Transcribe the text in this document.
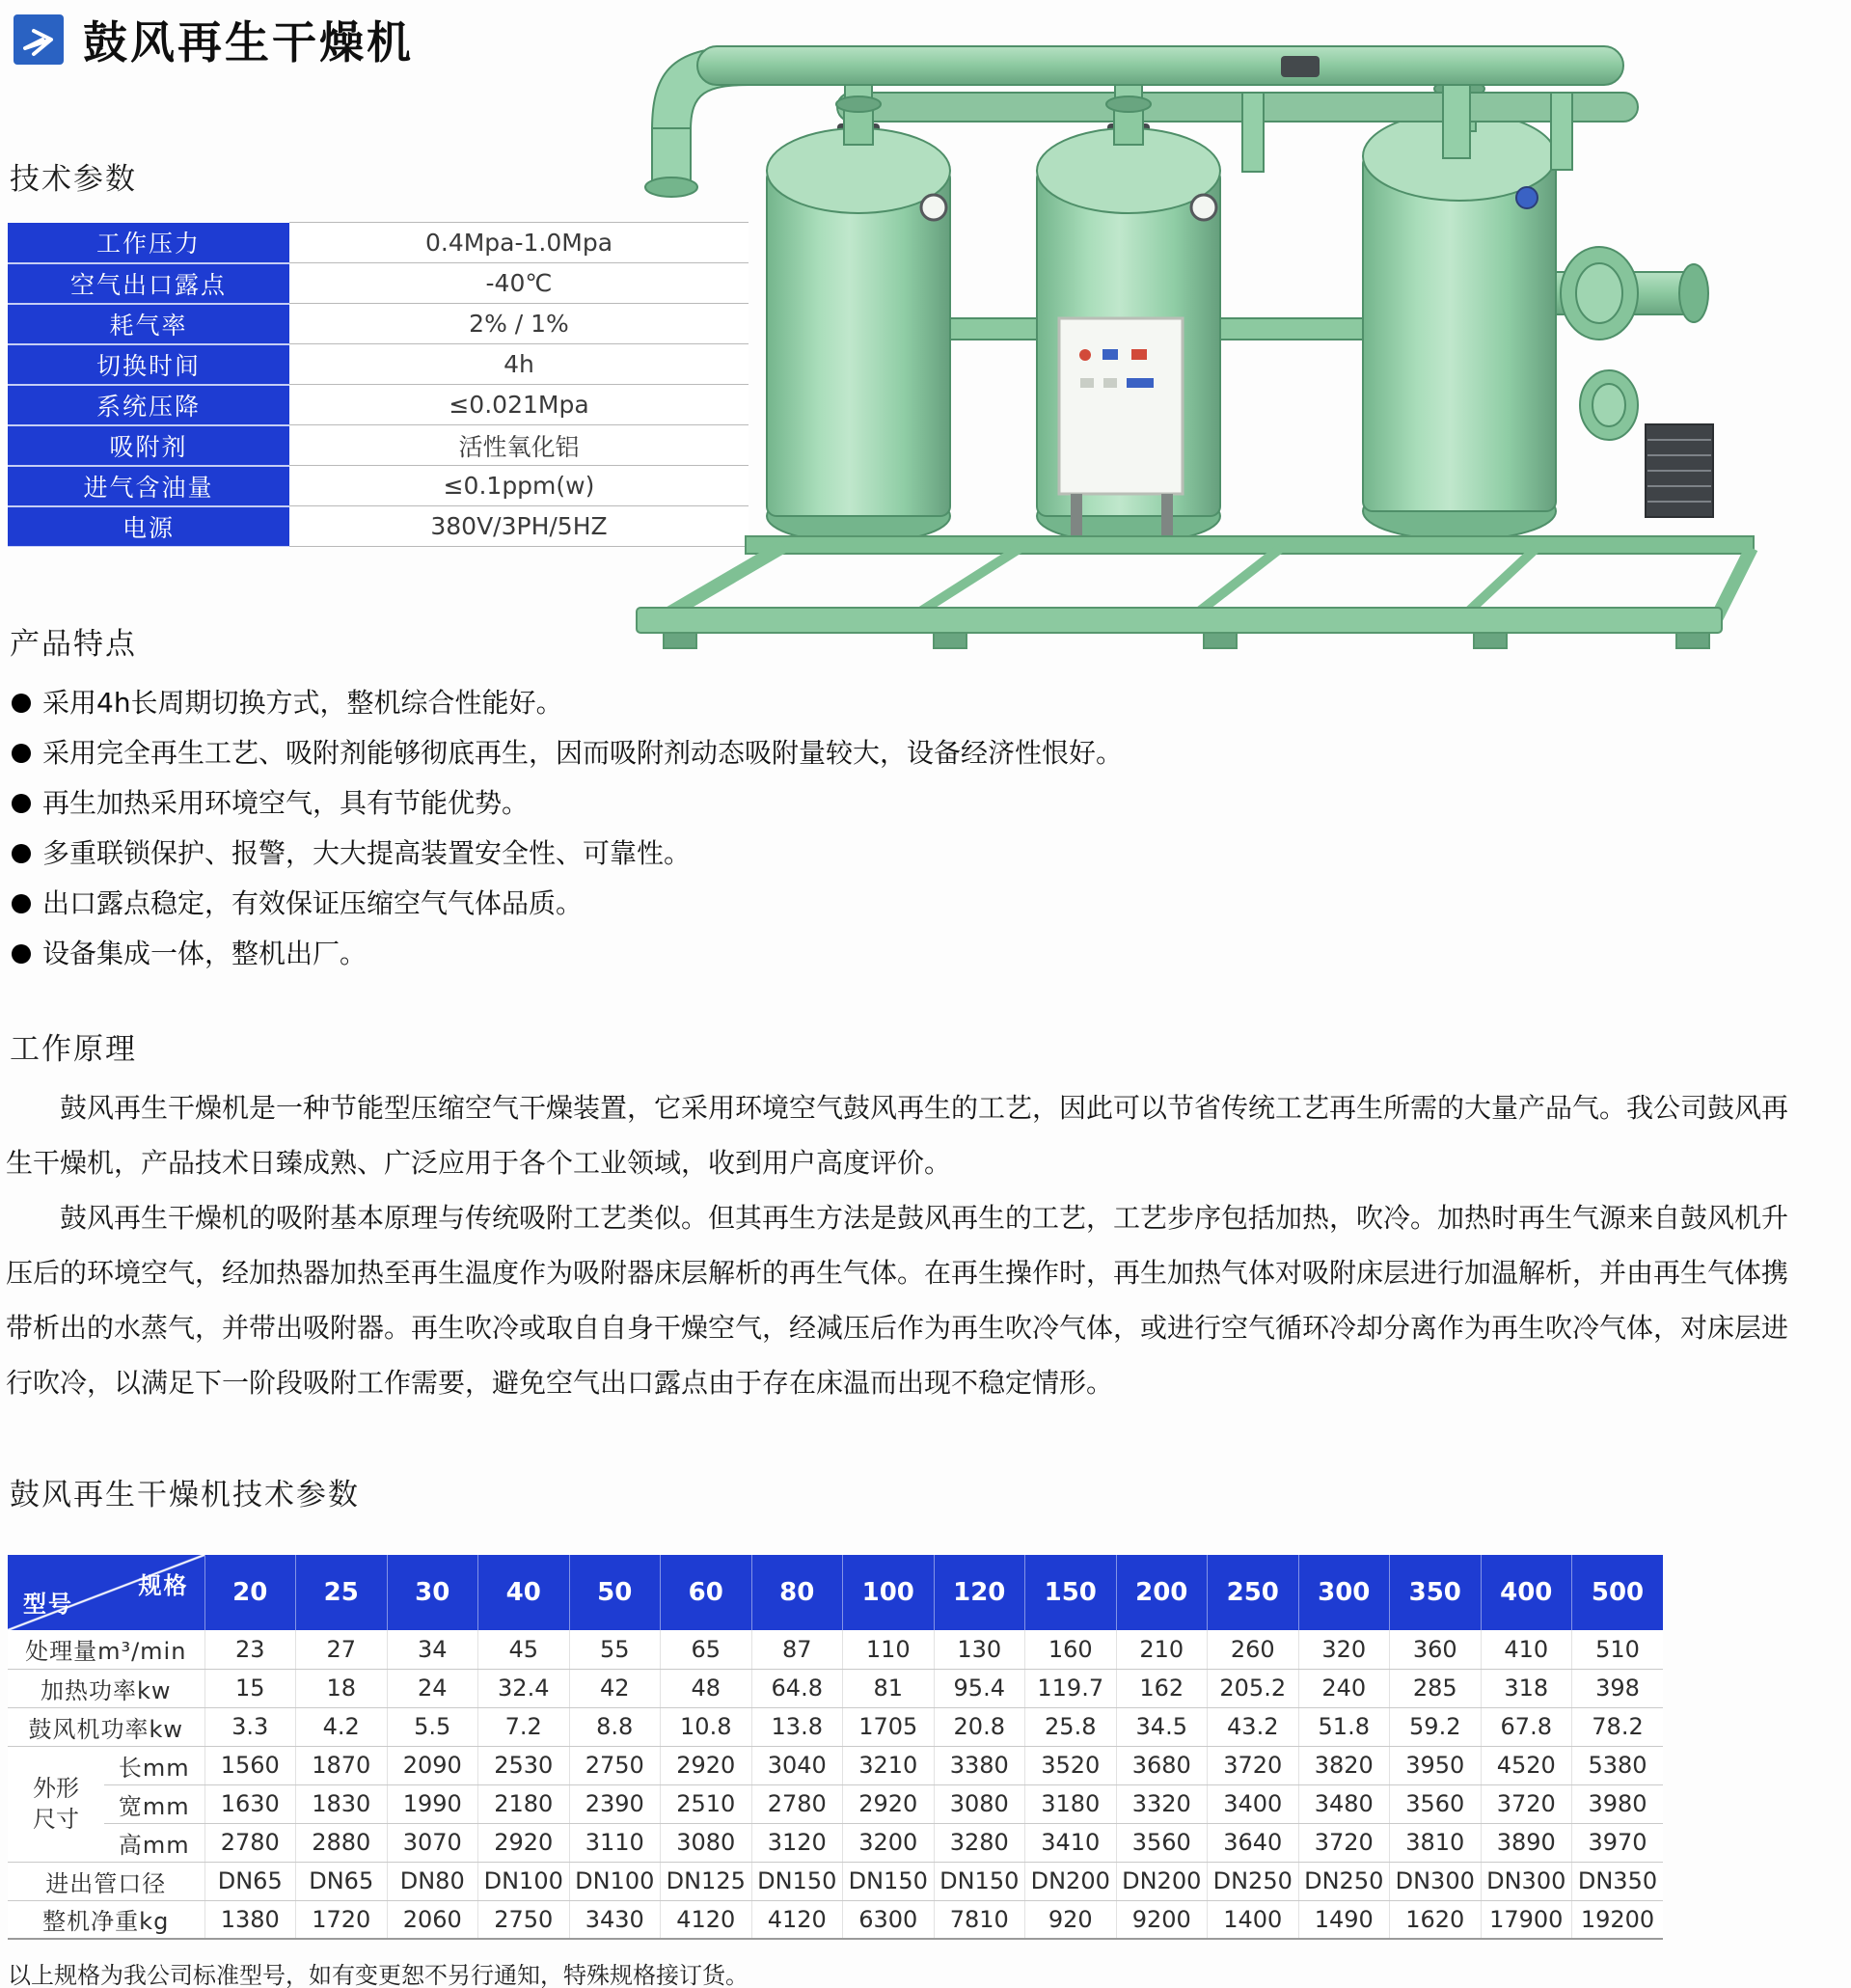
鼓风再生干燥机
技术参数
工作压力	0.4Mpa-1.0Mpa
空气出口露点	-40℃
耗气率	2% / 1%
切换时间	4h
系统压降	≤0.021Mpa
吸附剂	活性氧化铝
进气含油量	≤0.1ppm(w)
电源	380V/3PH/5HZ
产品特点
采用4h长周期切换方式，整机综合性能好。
采用完全再生工艺、吸附剂能够彻底再生，因而吸附剂动态吸附量较大，设备经济性恨好。
再生加热采用环境空气，具有节能优势。
多重联锁保护、报警，大大提高装置安全性、可靠性。
出口露点稳定，有效保证压缩空气气体品质。
设备集成一体，整机出厂。
工作原理

鼓风再生干燥机是一种节能型压缩空气干燥装置，它采用环境空气鼓风再生的工艺，因此可以节省传统工艺再生所需的大量产品气。我公司鼓风再生干燥机，产品技术日臻成熟、广泛应用于各个工业领域，收到用户高度评价。

鼓风再生干燥机的吸附基本原理与传统吸附工艺类似。但其再生方法是鼓风再生的工艺，工艺步序包括加热，吹冷。加热时再生气源来自鼓风机升压后的环境空气，经加热器加热至再生温度作为吸附器床层解析的再生气体。在再生操作时，再生加热气体对吸附床层进行加温解析，并由再生气体携带析出的水蒸气，并带出吸附器。再生吹冷或取自自身干燥空气，经减压后作为再生吹冷气体，或进行空气循环冷却分离作为再生吹冷气体，对床层进行吹冷，以满足下一阶段吸附工作需要，避免空气出口露点由于存在床温而出现不稳定情形。

鼓风再生干燥机技术参数
规格
型号		20	25	30	40	50	60	80	100	120	150	200	250	300	350	400	500
处理量m³/min		23	27	34	45	55	65	87	110	130	160	210	260	320	360	410	510
加热功率kw		15	18	24	32.4	42	48	64.8	81	95.4	119.7	162	205.2	240	285	318	398
鼓风机功率kw		3.3	4.2	5.5	7.2	8.8	10.8	13.8	1705	20.8	25.8	34.5	43.2	51.8	59.2	67.8	78.2

外形尺寸	长mm	1560	1870	2090	2530	2750	2920	3040	3210	3380	3520	3680	3720	3820	3950	4520	5380
	宽mm	1630	1830	1990	2180	2390	2510	2780	2920	3080	3180	3320	3400	3480	3560	3720	3980
	高mm	2780	2880	3070	2920	3110	3080	3120	3200	3280	3410	3560	3640	3720	3810	3890	3970
进出管口径		DN65	DN65	DN80	DN100	DN100	DN125	DN150	DN150	DN150	DN200	DN200	DN250	DN250	DN300	DN300	DN350
整机净重kg		1380	1720	2060	2750	3430	4120	4120	6300	7810	920	9200	1400	1490	1620	17900	19200
以上规格为我公司标准型号，如有变更恕不另行通知，特殊规格接订货。
